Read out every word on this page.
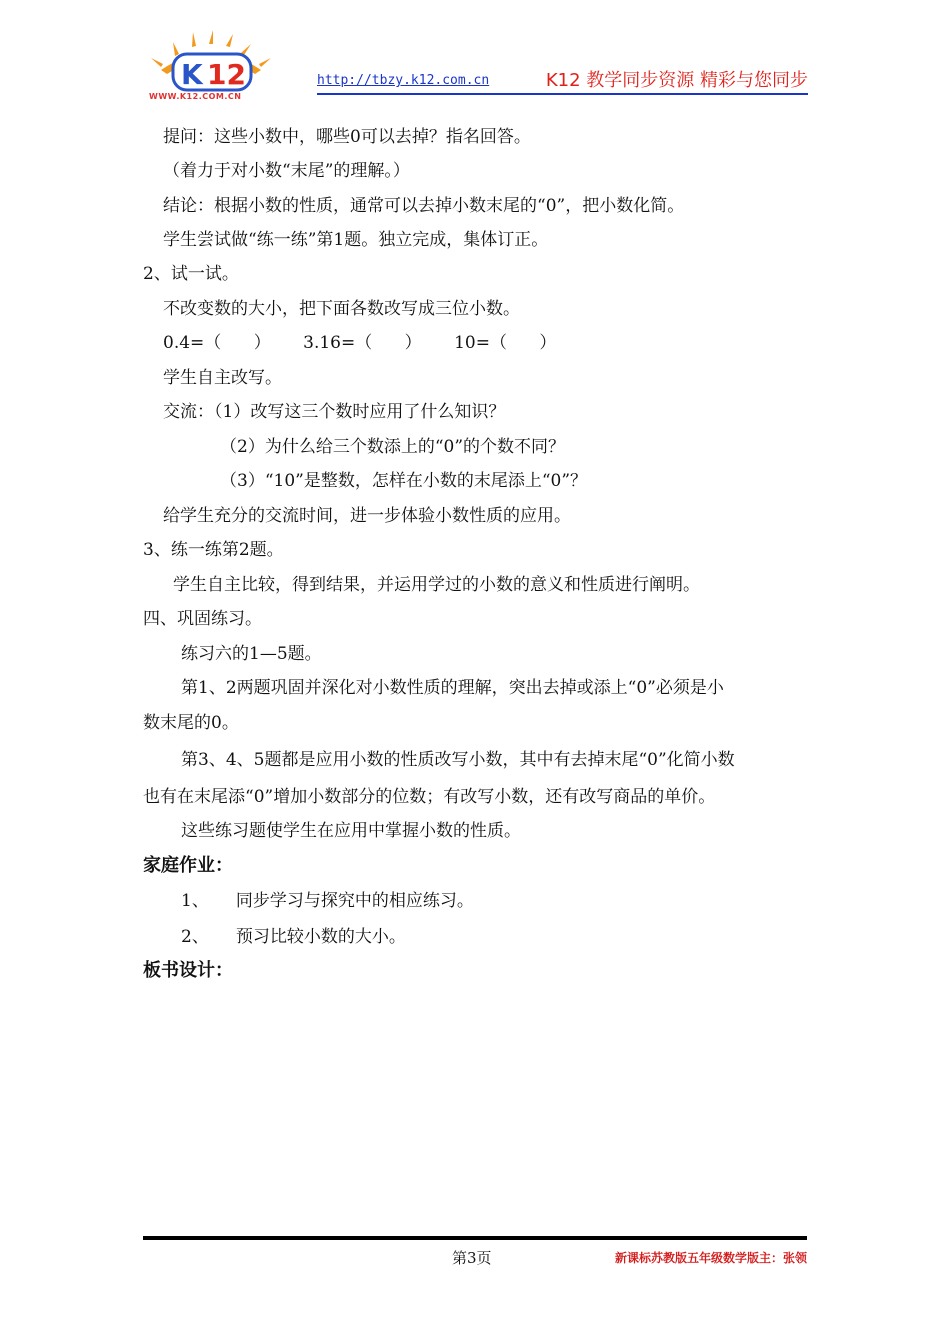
K 12
WWW.K12.COM.CN
http://tbzy.k12.com.cn	K12 教学同步资源 精彩与您同步
提问：这些小数中，哪些0可以去掉？指名回答。
（着力于对小数“末尾”的理解。）
结论：根据小数的性质，通常可以去掉小数末尾的“0”，把小数化简。
学生尝试做“练一练”第1题。独立完成，集体订正。
2、试一试。
不改变数的大小，把下面各数改写成三位小数。
0.4=（      ）      3.16=（      ）      10=（      ）
学生自主改写。
交流：（1）改写这三个数时应用了什么知识？
（2）为什么给三个数添上的“0”的个数不同？
（3）“10”是整数，怎样在小数的末尾添上“0”？
给学生充分的交流时间，进一步体验小数性质的应用。
3、练一练第2题。
学生自主比较，得到结果，并运用学过的小数的意义和性质进行阐明。
四、巩固练习。
练习六的1—5题。
第1、2两题巩固并深化对小数性质的理解，突出去掉或添上“0”必须是小
数末尾的0。
第3、4、5题都是应用小数的性质改写小数，其中有去掉末尾“0”化简小数
也有在末尾添“0”增加小数部分的位数；有改写小数，还有改写商品的单价。
这些练习题使学生在应用中掌握小数的性质。
家庭作业：
1、     同步学习与探究中的相应练习。
2、     预习比较小数的大小。
板书设计：
第3页	新课标苏教版五年级数学版主：张领
